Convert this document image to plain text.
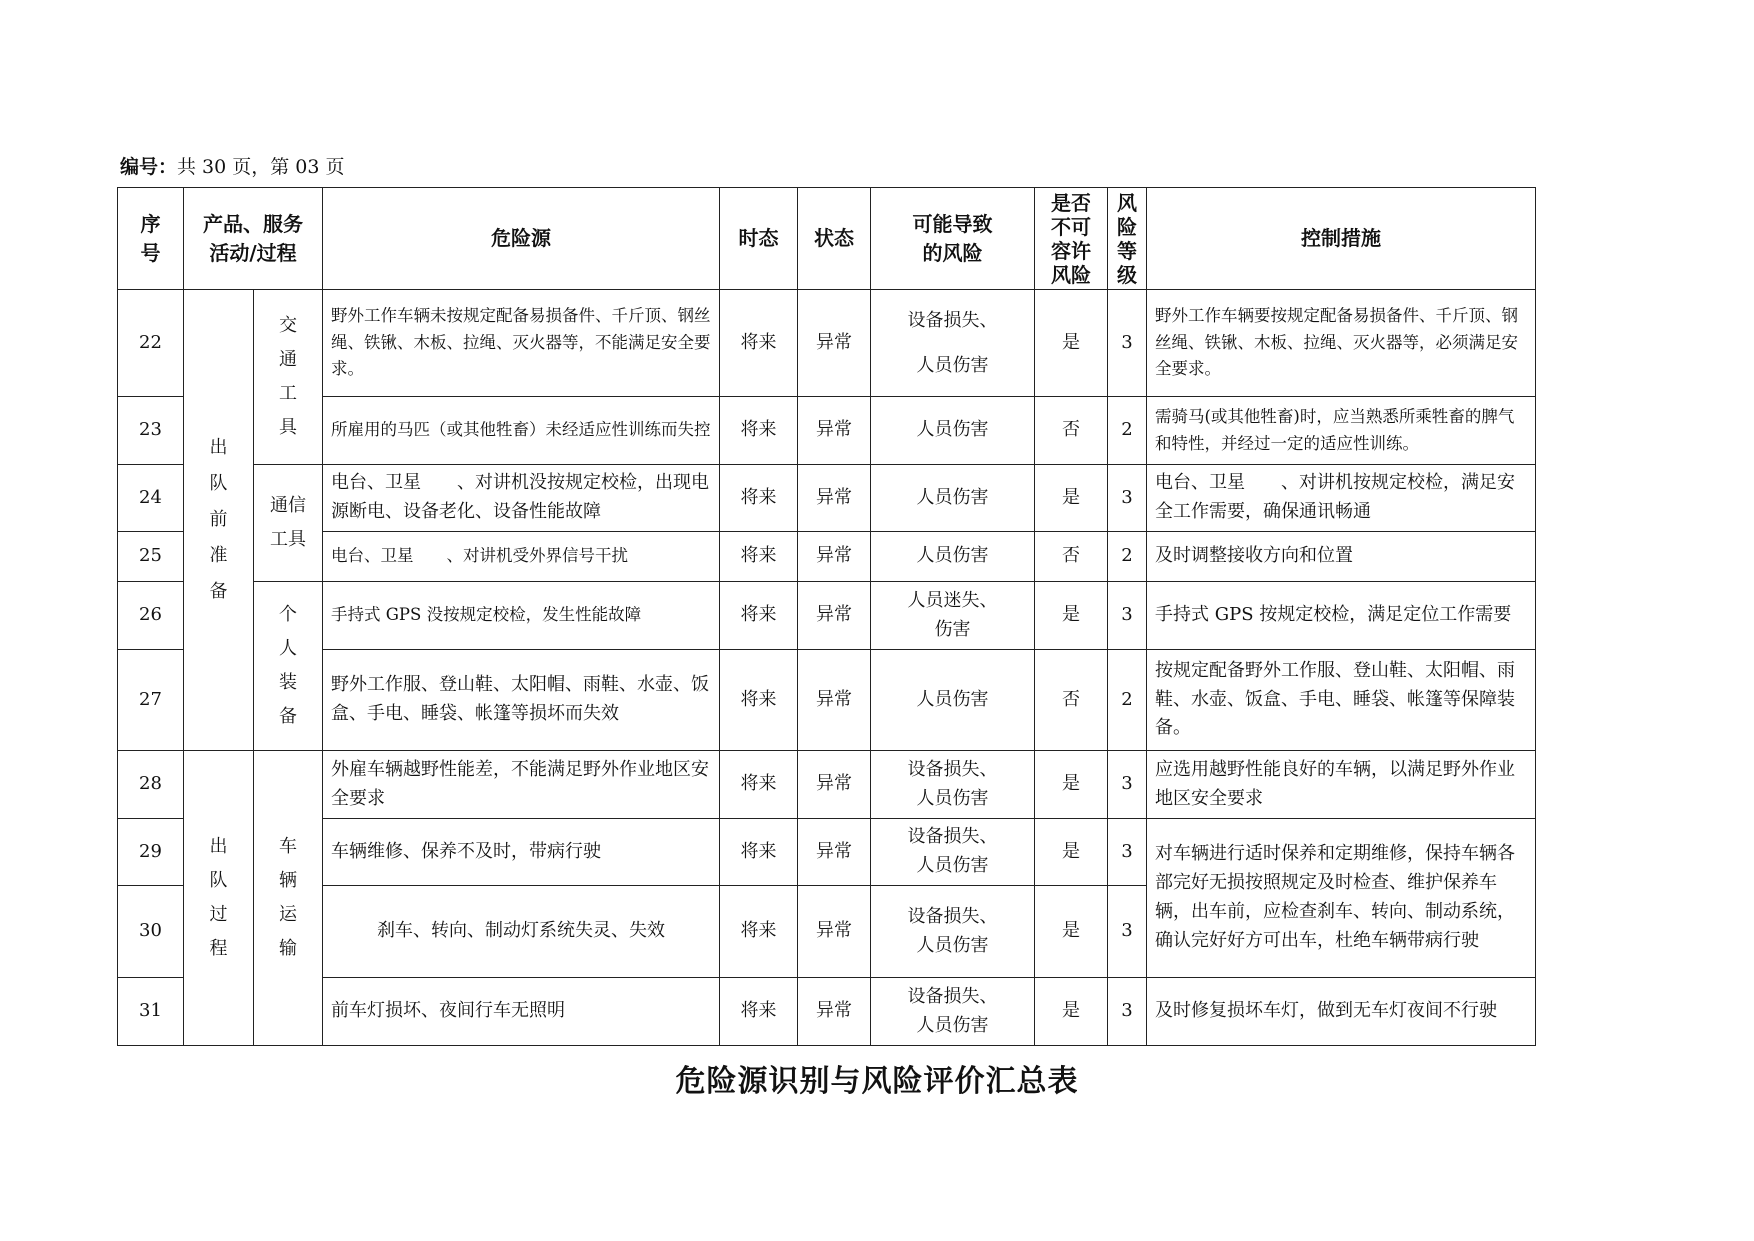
编号：共 30 页，第 03 页
序号	产品、服务活动/过程		危险源	时态	状态	可能导致的风险	是否不可容许风险	风险等级	控制措施
22	出队前准备	交通工具	野外工作车辆未按规定配备易损备件、千斤顶、钢丝绳、铁锹、木板、拉绳、灭火器等，不能满足安全要求。	将来	异常	设备损失、人员伤害	是	3	野外工作车辆要按规定配备易损备件、千斤顶、钢丝绳、铁锹、木板、拉绳、灭火器等，必须满足安全要求。
23			所雇用的马匹（或其他牲畜）未经适应性训练而失控	将来	异常	人员伤害	否	2	需骑马(或其他牲畜)时，应当熟悉所乘牲畜的脾气和特性，并经过一定的适应性训练。
24		通信工具	电台、卫星　　、对讲机没按规定校检，出现电源断电、设备老化、设备性能故障	将来	异常	人员伤害	是	3	电台、卫星　　、对讲机按规定校检，满足安全工作需要，确保通讯畅通
25			电台、卫星　　、对讲机受外界信号干扰	将来	异常	人员伤害	否	2	及时调整接收方向和位置
26		个人装备	手持式 GPS 没按规定校检，发生性能故障	将来	异常	人员迷失、伤害	是	3	手持式 GPS 按规定校检，满足定位工作需要
27			野外工作服、登山鞋、太阳帽、雨鞋、水壶、饭盒、手电、睡袋、帐篷等损坏而失效	将来	异常	人员伤害	否	2	按规定配备野外工作服、登山鞋、太阳帽、雨鞋、水壶、饭盒、手电、睡袋、帐篷等保障装备。
28	出队过程	车辆运输	外雇车辆越野性能差，不能满足野外作业地区安全要求	将来	异常	设备损失、人员伤害	是	3	应选用越野性能良好的车辆，以满足野外作业地区安全要求
29			车辆维修、保养不及时，带病行驶	将来	异常	设备损失、人员伤害	是	3	对车辆进行适时保养和定期维修，保持车辆各部完好无损按照规定及时检查、维护保养车辆，出车前，应检查刹车、转向、制动系统，确认完好好方可出车，杜绝车辆带病行驶
30			刹车、转向、制动灯系统失灵、失效	将来	异常	设备损失、人员伤害	是	3	
31			前车灯损坏、夜间行车无照明	将来	异常	设备损失、人员伤害	是	3	及时修复损坏车灯，做到无车灯夜间不行驶
危险源识别与风险评价汇总表
